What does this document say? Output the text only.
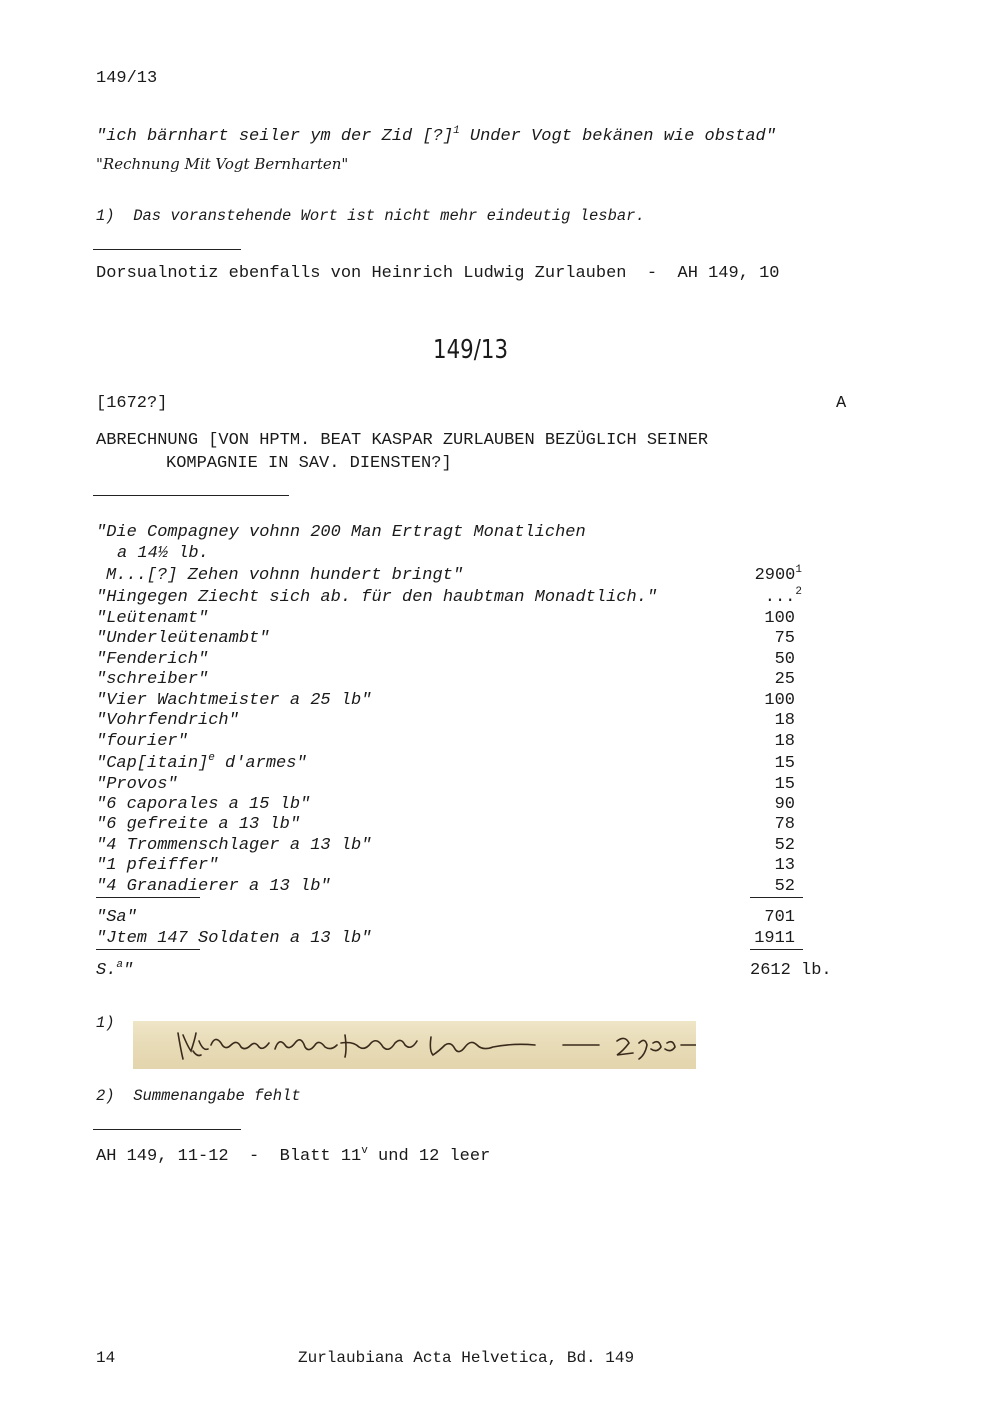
149/13
"ich bärnhart seiler ym der Zid [?]$^1$ Under Vogt bekänen wie obstad"
"Rechnung Mit Vogt Bernharten"
1)  Das voranstehende Wort ist nicht mehr eindeutig lesbar.
Dorsualnotiz ebenfalls von Heinrich Ludwig Zurlauben  -  AH 149, 10
149/13
[1672?]	A
ABRECHNUNG [VON HPTM. BEAT KASPAR ZURLAUBEN BEZÜGLICH SEINER
KOMPAGNIE IN SAV. DIENSTEN?]
"Die Compagney vohnn 200 Man Ertragt Monatlichen
a 14½ lb.
M...[?] Zehen vohnn hundert bringt"	2900$^1$
"Hingegen Ziecht sich ab. für den haubtman Monadtlich."	...$^2$
"Leütenamt"	100
"Underleütenambt"	75
"Fenderich"	50
"schreiber"	25
"Vier Wachtmeister a 25 lb"	100
"Vohrfendrich"	18
"fourier"	18
"Cap[itain]$^e$ d'armes"	15
"Provos"	15
"6 caporales a 15 lb"	90
"6 gefreite a 13 lb"	78
"4 Trommenschlager a 13 lb"	52
"1 pfeiffer"	13
"4 Granadierer a 13 lb"	52
"Sa"	701
"Jtem 147 Soldaten a 13 lb"	1911
S.$^a$"	2612 lb.
1)
2)  Summenangabe fehlt
AH 149, 11-12  -  Blatt 11$^v$ und 12 leer
14	Zurlaubiana Acta Helvetica, Bd. 149
